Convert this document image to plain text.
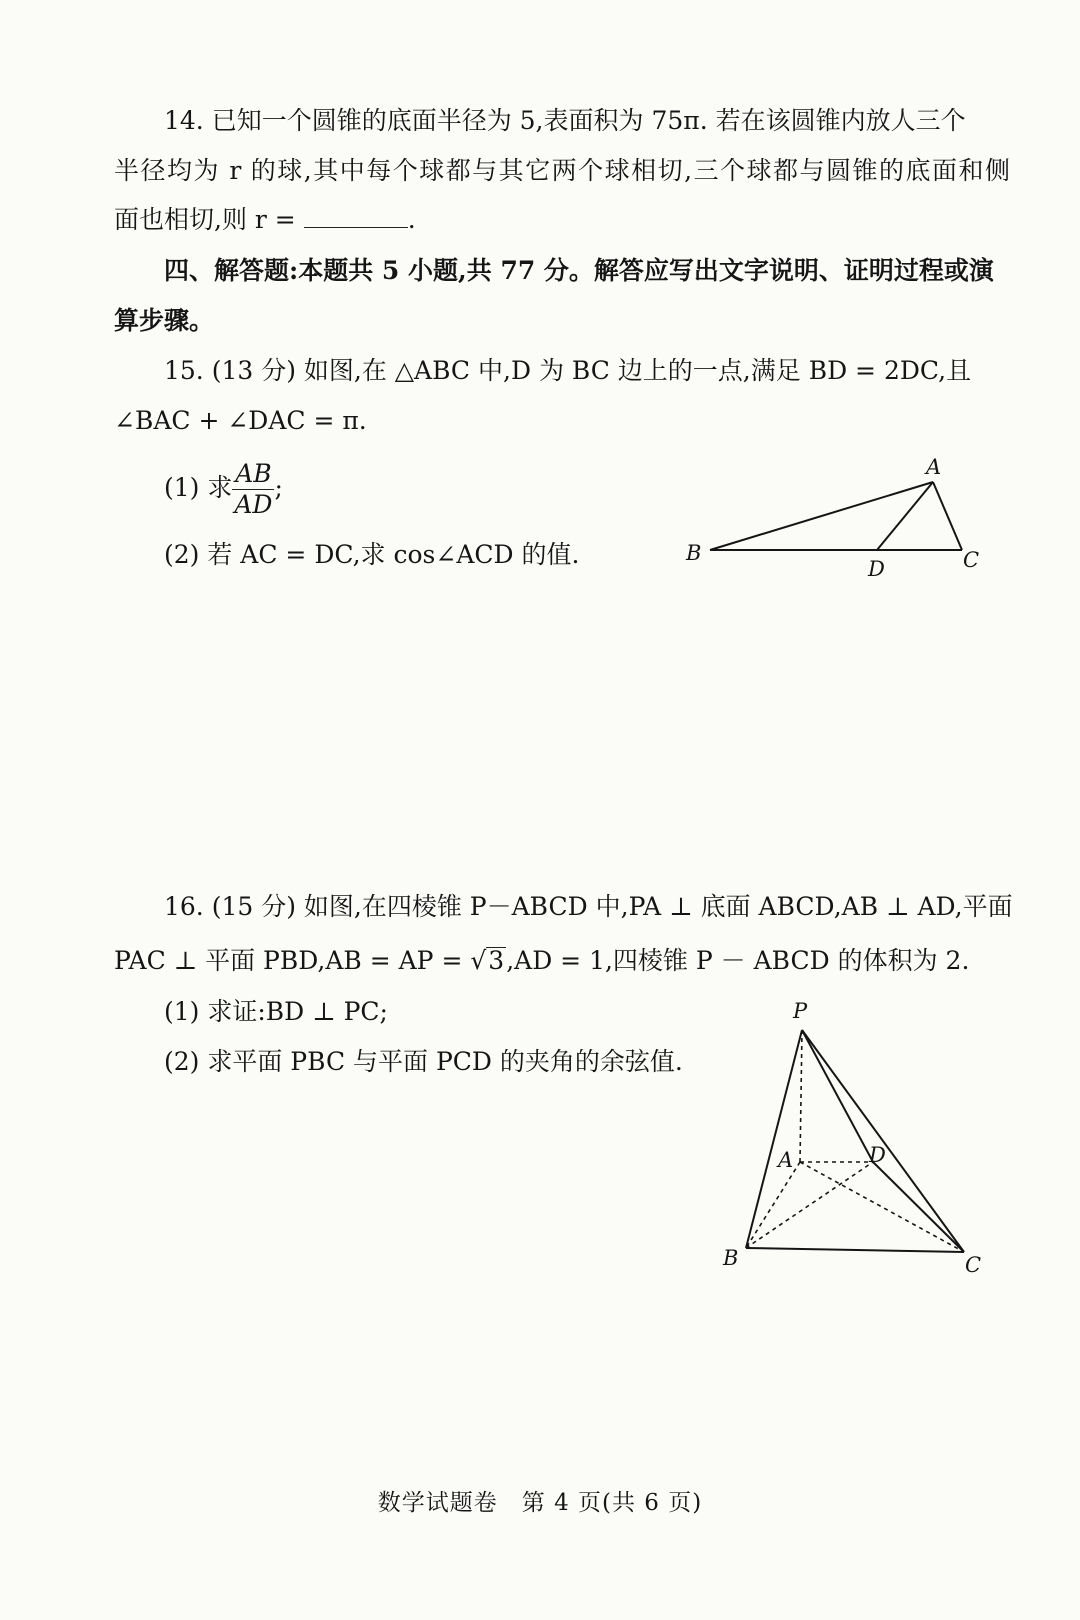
14. 已知一个圆锥的底面半径为 5,表面积为 75π. 若在该圆锥内放人三个
半径均为 r 的球,其中每个球都与其它两个球相切,三个球都与圆锥的底面和侧
面也相切,则 r =	.
四、解答题:本题共 5 小题,共 77 分。解答应写出文字说明、证明过程或演
算步骤。
15. (13 分) 如图,在 △ABC 中,D 为 BC 边上的一点,满足 BD = 2DC,且
∠BAC + ∠DAC = π.
(1) 求 $\frac{AB}{AD}$ ;
(2) 若 AC = DC,求 cos∠ACD 的值.
A
B	C
D
16. (15 分) 如图,在四棱锥 P－ABCD 中,PA ⊥ 底面 ABCD,AB ⊥ AD,平面
PAC ⊥ 平面 PBD,AB = AP = √3,AD = 1,四棱锥 P － ABCD 的体积为 2.
(1) 求证:BD ⊥ PC;
(2) 求平面 PBC 与平面 PCD 的夹角的余弦值.
P
A	D
B	C
数学试题卷　第 4 页(共 6 页)
